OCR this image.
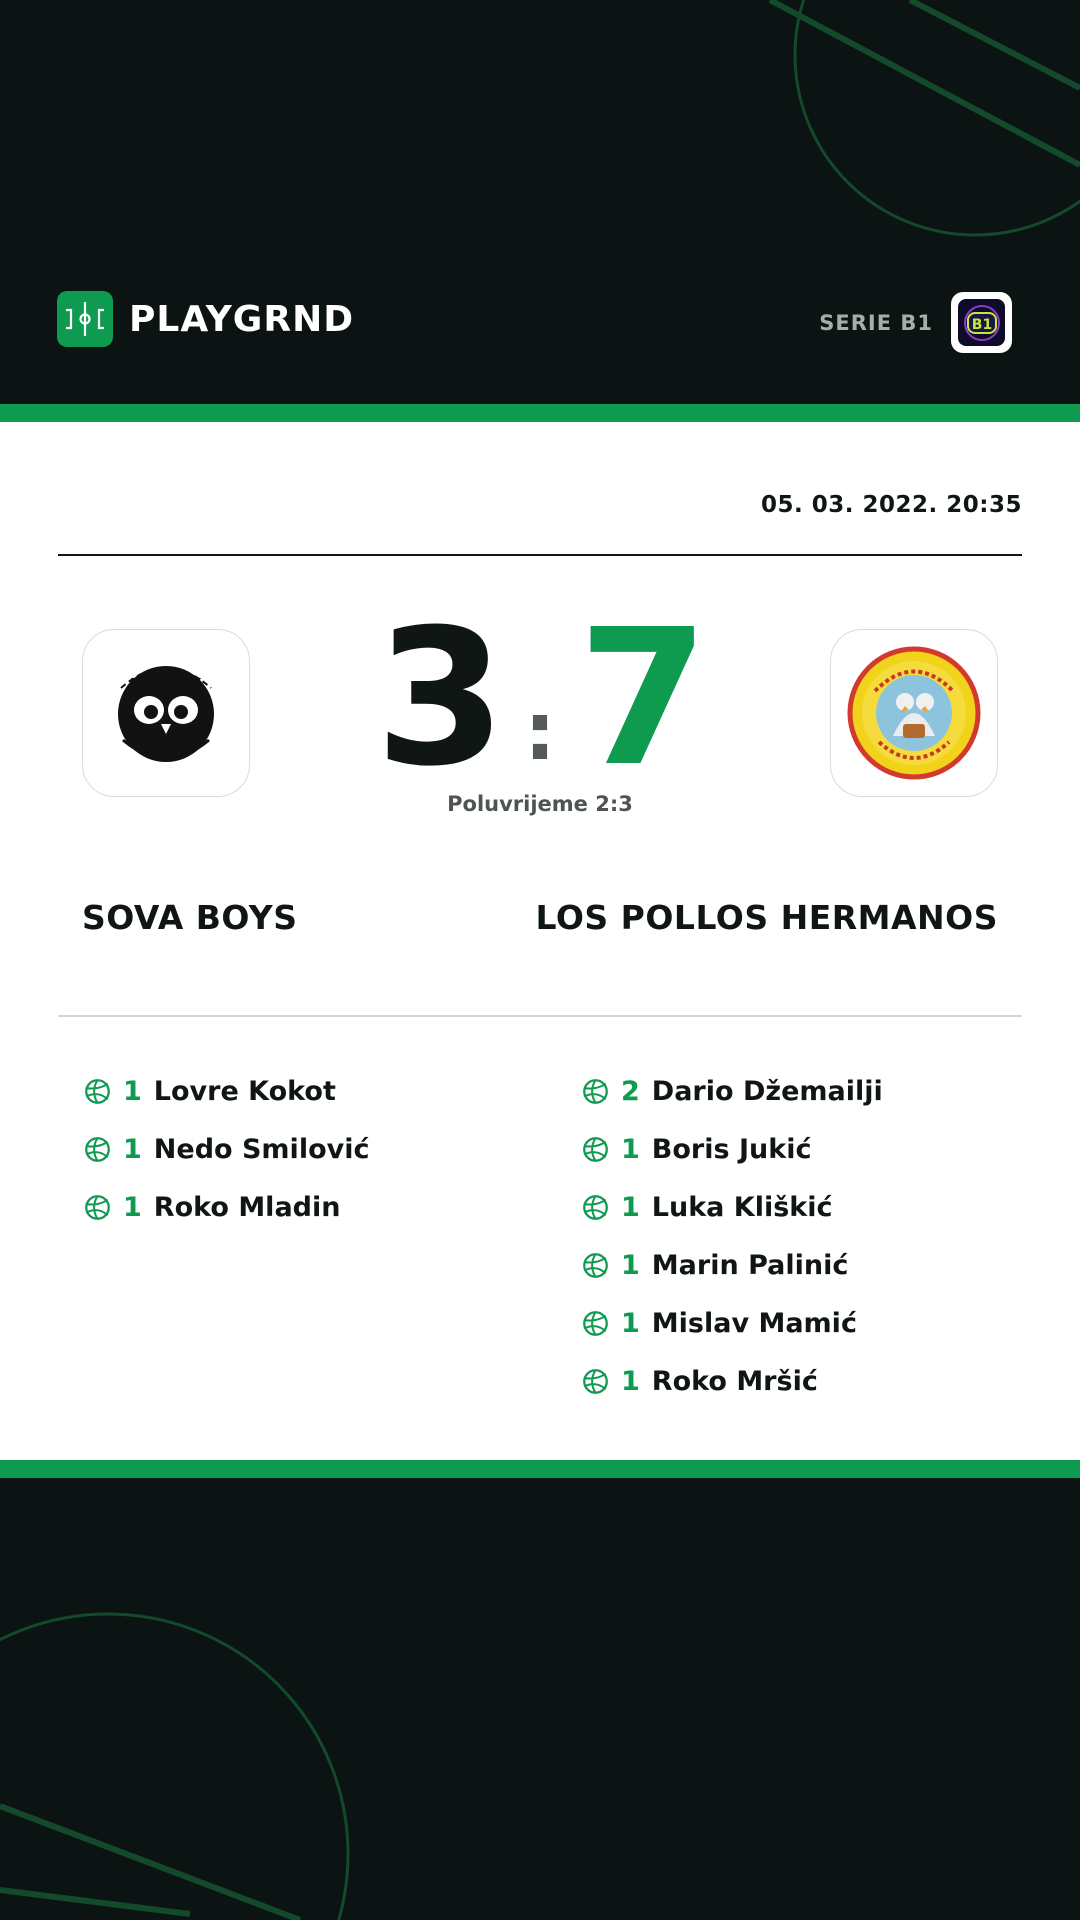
PLAYGRND	SERIE B1	B1
05. 03. 2022. 20:35
3 : 7
Poluvrijeme 2:3
SOVA BOYS	LOS POLLOS HERMANOS
1 Lovre Kokot
1 Nedo Smilović
1 Roko Mladin
2 Dario Džemailji
1 Boris Jukić
1 Luka Kliškić
1 Marin Palinić
1 Mislav Mamić
1 Roko Mršić
